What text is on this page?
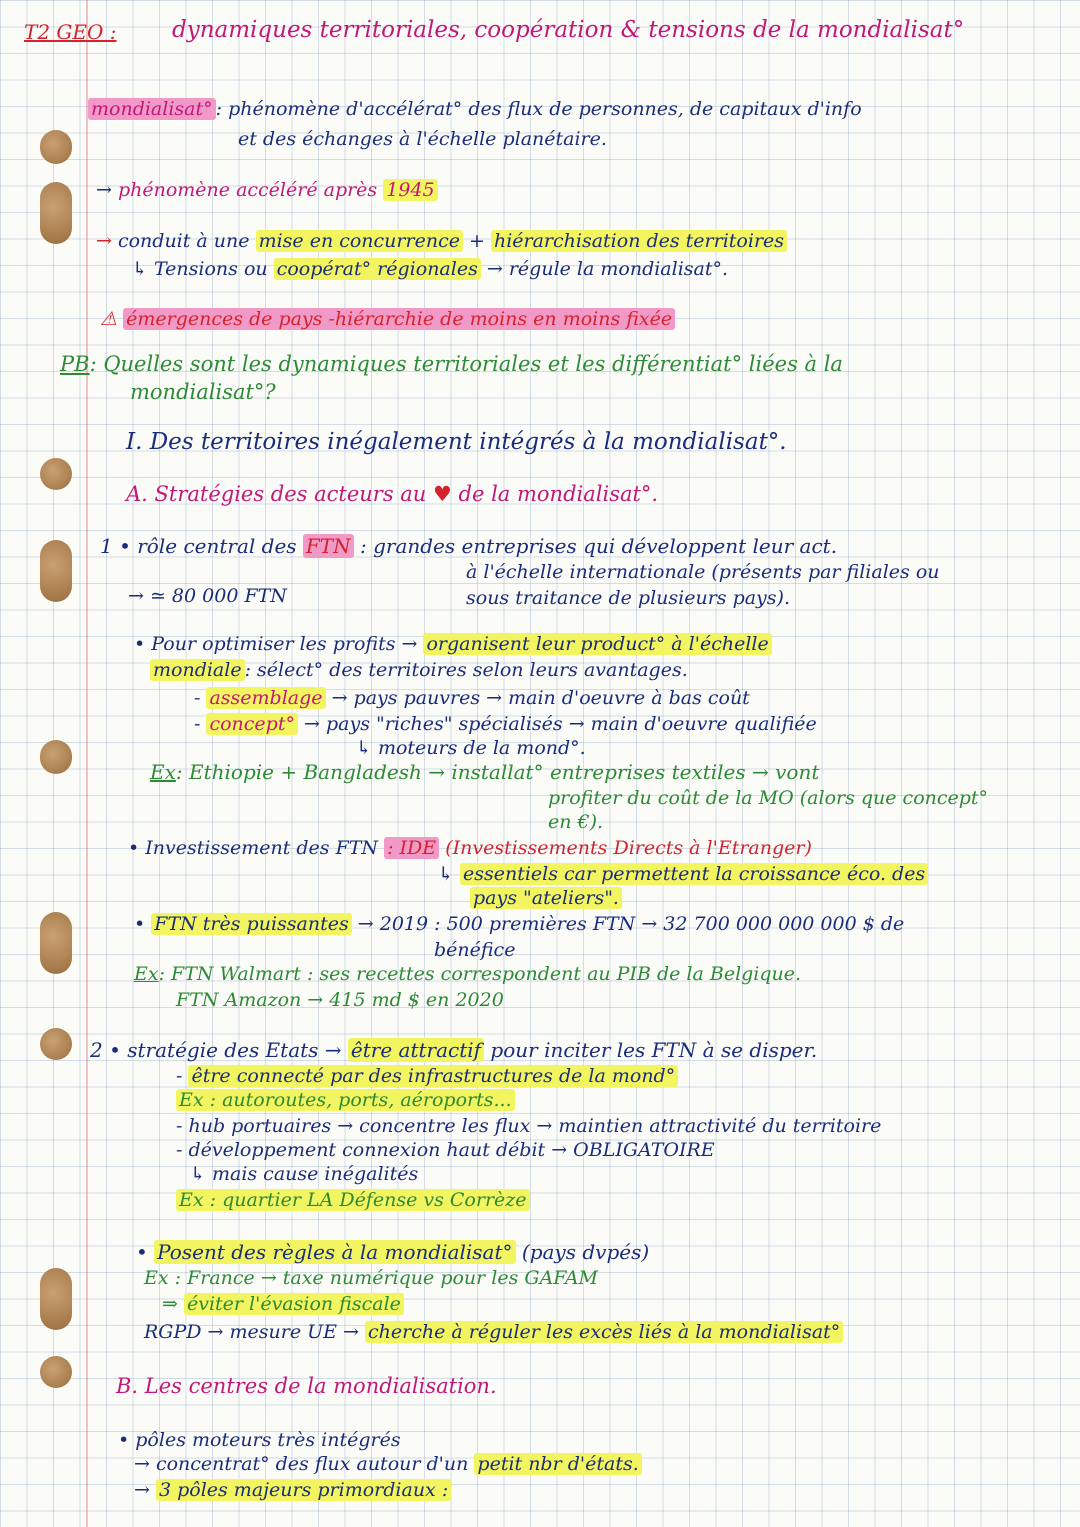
T2 GEO : dynamiques territoriales, coopération & tensions de la mondialisat°
mondialisat° : phénomène d'accélérat° des flux de personnes, de capitaux d'info
et des échanges à l'échelle planétaire.
→ phénomène accéléré après 1945
→ conduit à une mise en concurrence + hiérarchisation des territoires
↳ Tensions ou coopérat° régionales → régule la mondialisat°.
⚠ émergences de pays -hiérarchie de moins en moins fixée
PB: Quelles sont les dynamiques territoriales et les différentiat° liées à la
mondialisat°?
I. Des territoires inégalement intégrés à la mondialisat°.
A. Stratégies des acteurs au ♥ de la mondialisat°.
1 • rôle central des FTN : grandes entreprises qui développent leur act.
à l'échelle internationale (présents par filiales ou
sous traitance de plusieurs pays).
→ ≃ 80 000 FTN
• Pour optimiser les profits → organisent leur product° à l'échelle
mondiale : sélect° des territoires selon leurs avantages.
- assemblage → pays pauvres → main d'oeuvre à bas coût
- concept° → pays "riches" spécialisés → main d'oeuvre qualifiée
↳ moteurs de la mond°.
Ex: Ethiopie + Bangladesh → installat° entreprises textiles → vont
profiter du coût de la MO (alors que concept°
en €).
• Investissement des FTN : IDE (Investissements Directs à l'Etranger)
↳ essentiels car permettent la croissance éco. des
pays "ateliers".
• FTN très puissantes → 2019 : 500 premières FTN → 32 700 000 000 000 $ de
bénéfice
Ex: FTN Walmart : ses recettes correspondent au PIB de la Belgique.
FTN Amazon → 415 md $ en 2020
2 • stratégie des Etats → être attractif pour inciter les FTN à se disper.
- être connecté par des infrastructures de la mond°
Ex : autoroutes, ports, aéroports...
- hub portuaires → concentre les flux → maintien attractivité du territoire
- développement connexion haut débit → OBLIGATOIRE
↳ mais cause inégalités
Ex : quartier LA Défense vs Corrèze
• Posent des règles à la mondialisat° (pays dvpés)
Ex : France → taxe numérique pour les GAFAM
⇒ éviter l'évasion fiscale
RGPD → mesure UE → cherche à réguler les excès liés à la mondialisat°
B. Les centres de la mondialisation.
• pôles moteurs très intégrés
→ concentrat° des flux autour d'un petit nbr d'états.
→ 3 pôles majeurs primordiaux :
